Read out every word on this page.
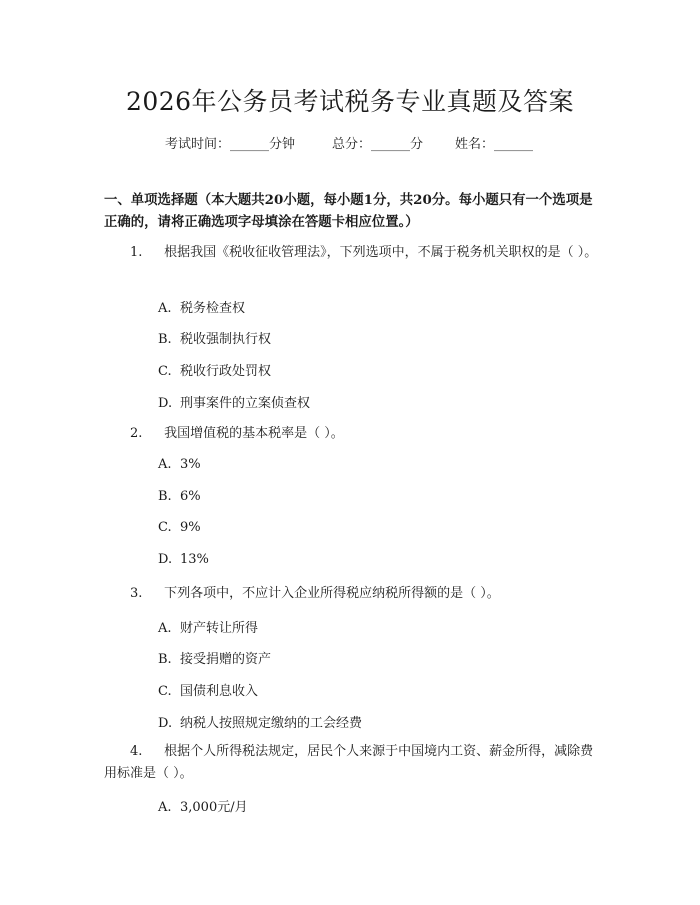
2026年公务员考试税务专业真题及答案
考试时间：______分钟	总分：______分 姓名：______
一、单项选择题（本大题共20小题，每小题1分，共20分。每小题只有一个选项是正确的，请将正确选项字母填涂在答题卡相应位置。）
1. 根据我国《税收征收管理法》，下列选项中，不属于税务机关职权的是（ ）。
A. 税务检查权
B. 税收强制执行权
C. 税收行政处罚权
D. 刑事案件的立案侦查权
2. 我国增值税的基本税率是（ ）。
A. 3%
B. 6%
C. 9%
D. 13%
3. 下列各项中，不应计入企业所得税应纳税所得额的是（ ）。
A. 财产转让所得
B. 接受捐赠的资产
C. 国债利息收入
D. 纳税人按照规定缴纳的工会经费
4. 根据个人所得税法规定，居民个人来源于中国境内工资、薪金所得，减除费用标准是（ ）。
A. 3,000元/月
